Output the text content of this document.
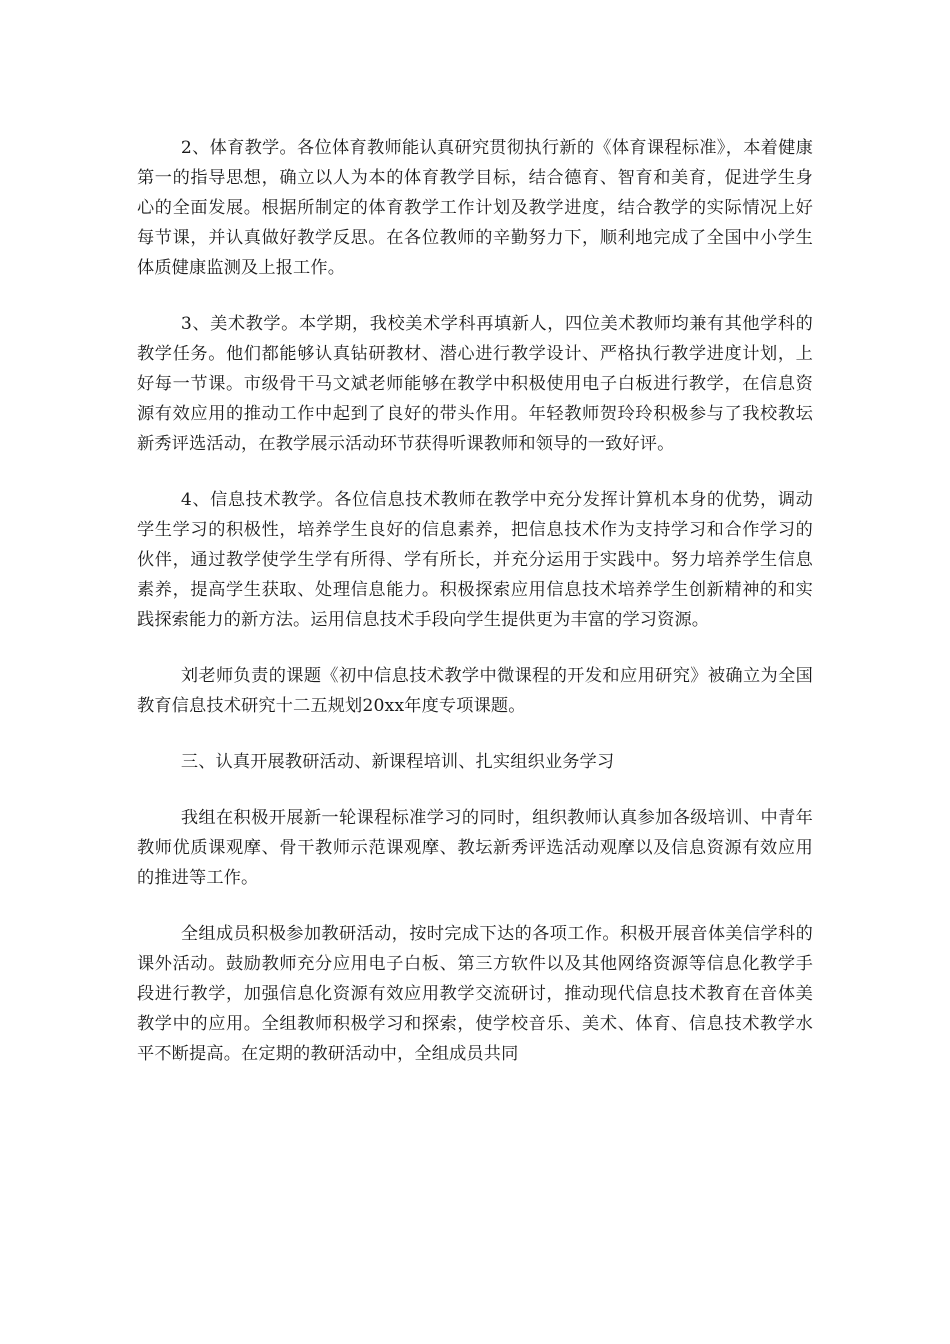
2、体育教学。各位体育教师能认真研究贯彻执行新的《体育课程标准》，本着健康第一的指导思想，确立以人为本的体育教学目标，结合德育、智育和美育，促进学生身心的全面发展。根据所制定的体育教学工作计划及教学进度，结合教学的实际情况上好每节课，并认真做好教学反思。在各位教师的辛勤努力下，顺利地完成了全国中小学生体质健康监测及上报工作。

3、美术教学。本学期，我校美术学科再填新人，四位美术教师均兼有其他学科的教学任务。他们都能够认真钻研教材、潜心进行教学设计、严格执行教学进度计划，上好每一节课。市级骨干马文斌老师能够在教学中积极使用电子白板进行教学，在信息资源有效应用的推动工作中起到了良好的带头作用。年轻教师贺玲玲积极参与了我校教坛新秀评选活动，在教学展示活动环节获得听课教师和领导的一致好评。

4、信息技术教学。各位信息技术教师在教学中充分发挥计算机本身的优势，调动学生学习的积极性，培养学生良好的信息素养，把信息技术作为支持学习和合作学习的伙伴，通过教学使学生学有所得、学有所长，并充分运用于实践中。努力培养学生信息素养，提高学生获取、处理信息能力。积极探索应用信息技术培养学生创新精神的和实践探索能力的新方法。运用信息技术手段向学生提供更为丰富的学习资源。

刘老师负责的课题《初中信息技术教学中微课程的开发和应用研究》被确立为全国教育信息技术研究十二五规划20xx年度专项课题。

三、认真开展教研活动、新课程培训、扎实组织业务学习

我组在积极开展新一轮课程标准学习的同时，组织教师认真参加各级培训、中青年教师优质课观摩、骨干教师示范课观摩、教坛新秀评选活动观摩以及信息资源有效应用的推进等工作。

全组成员积极参加教研活动，按时完成下达的各项工作。积极开展音体美信学科的课外活动。鼓励教师充分应用电子白板、第三方软件以及其他网络资源等信息化教学手段进行教学，加强信息化资源有效应用教学交流研讨，推动现代信息技术教育在音体美教学中的应用。全组教师积极学习和探索，使学校音乐、美术、体育、信息技术教学水平不断提高。在定期的教研活动中，全组成员共同
